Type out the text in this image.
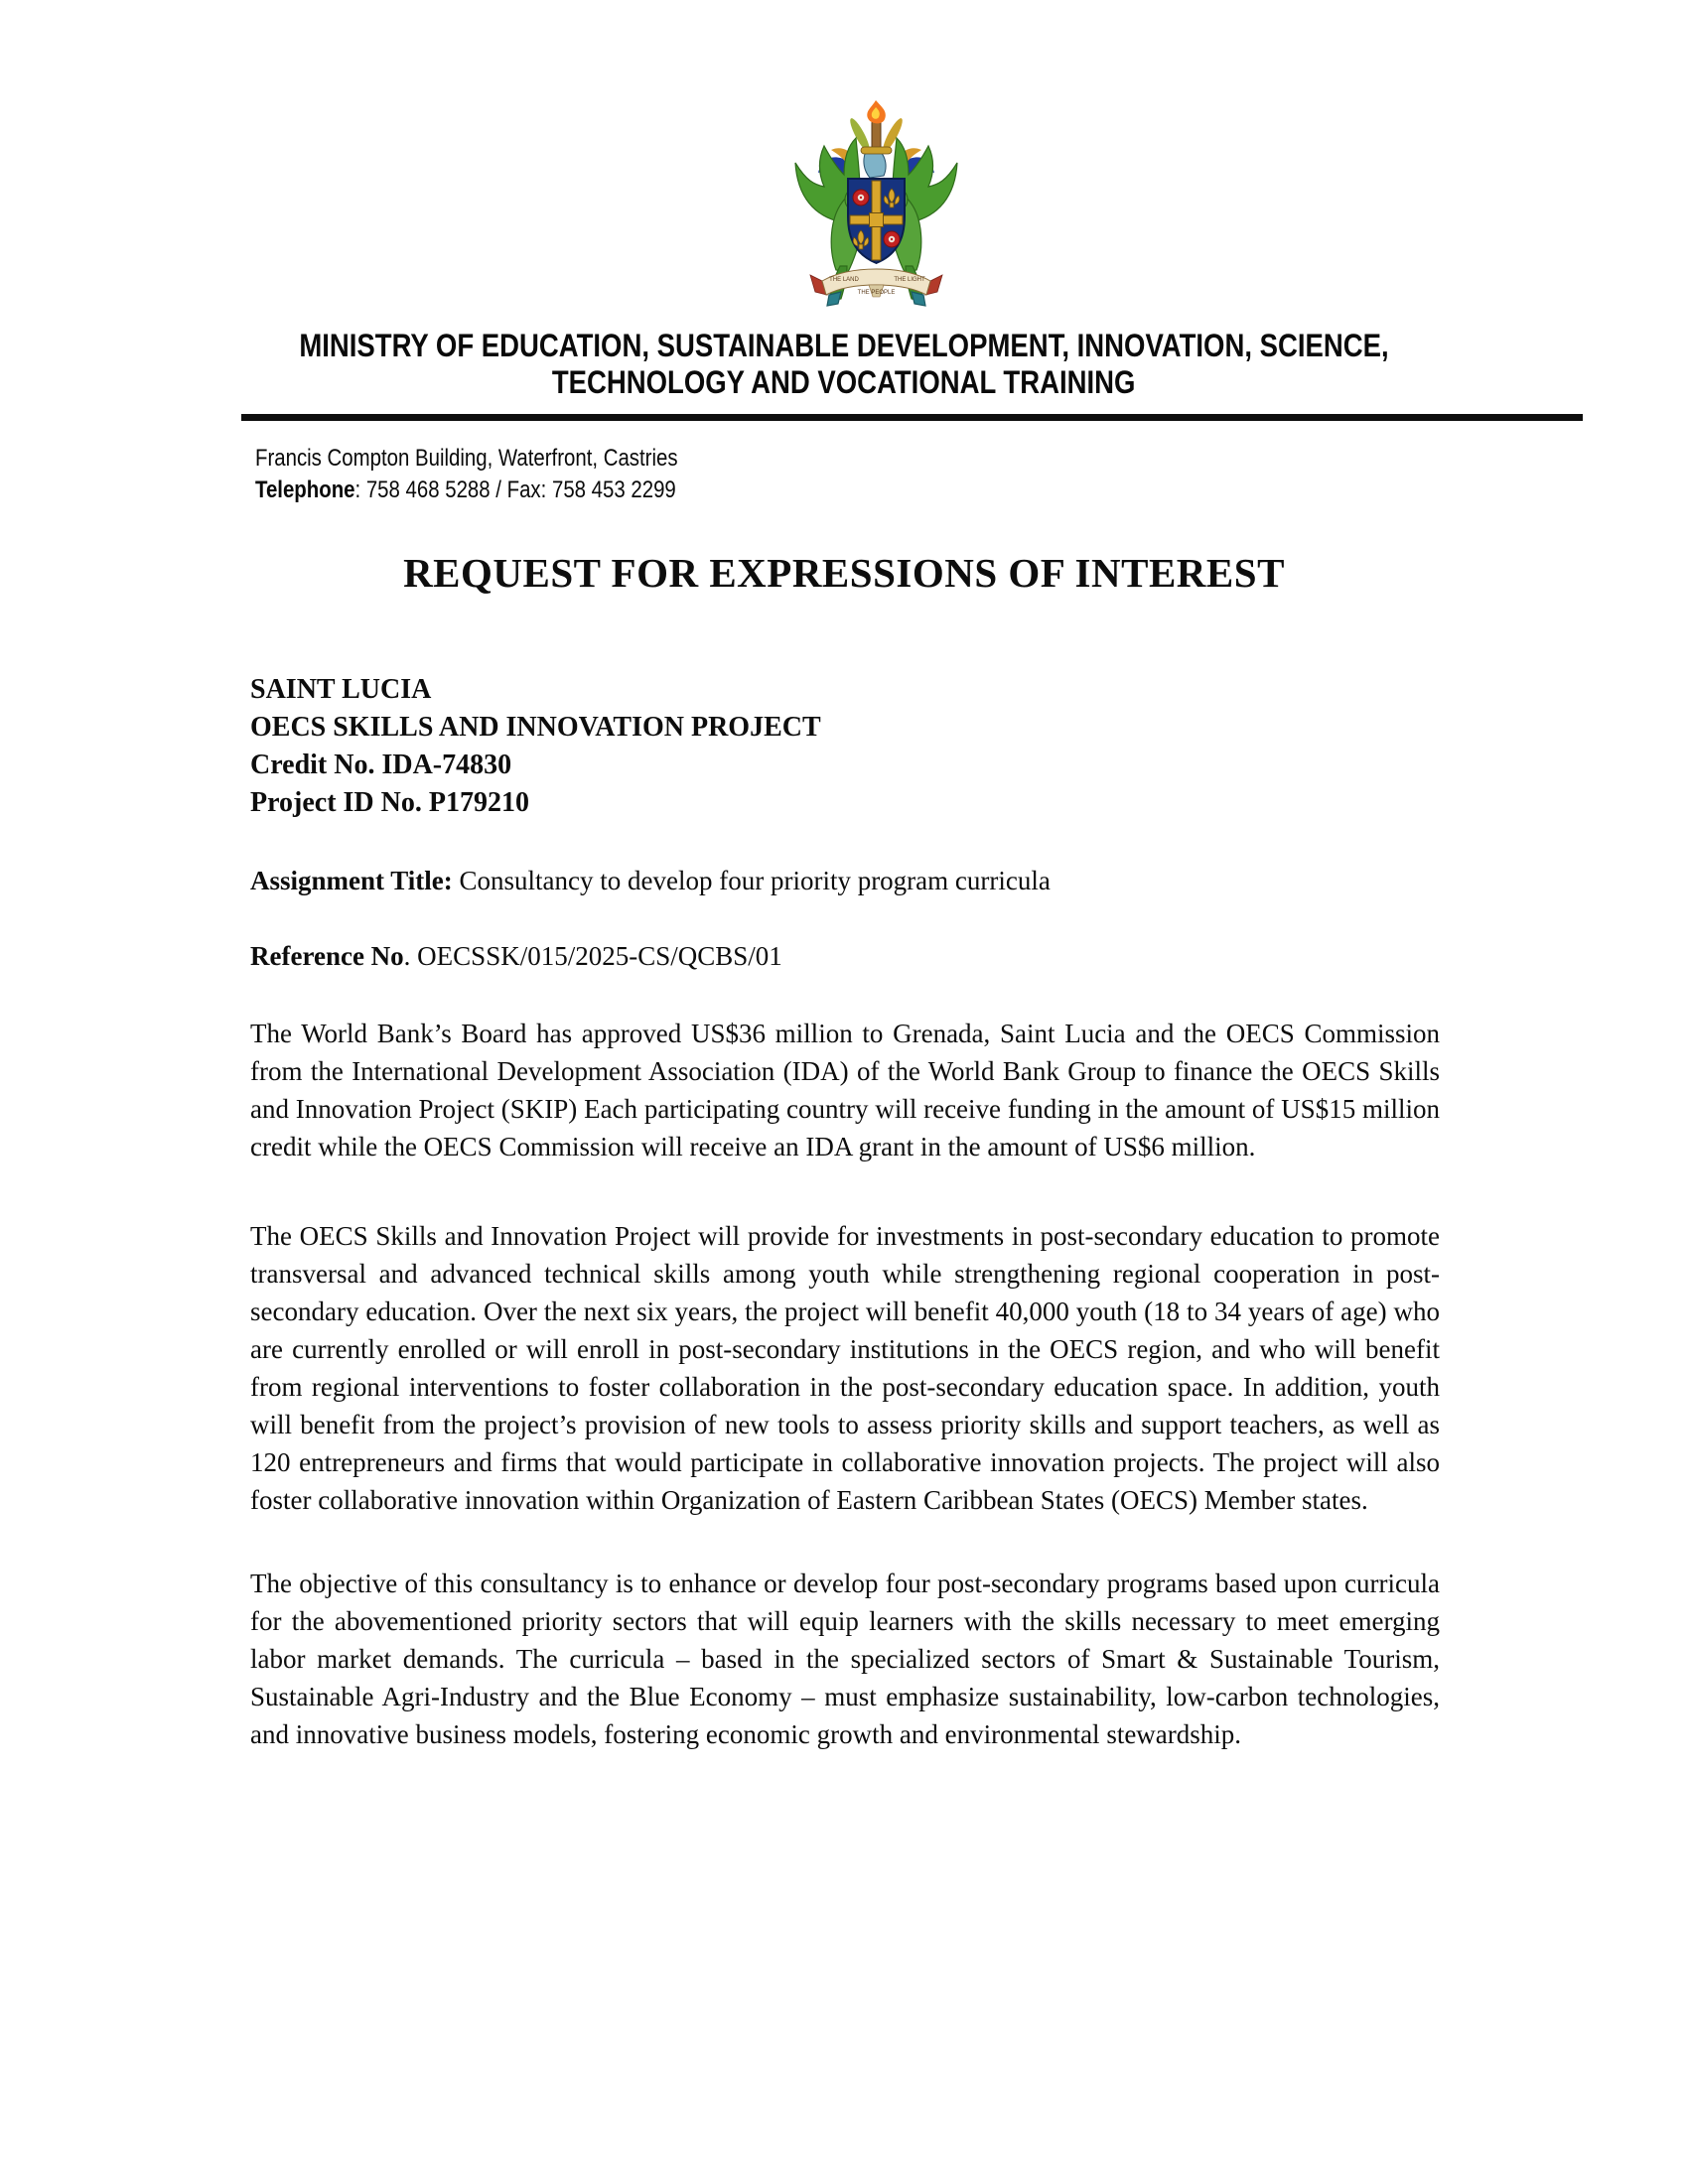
THE LAND
THE PEOPLE
THE LIGHT
MINISTRY OF EDUCATION, SUSTAINABLE DEVELOPMENT, INNOVATION, SCIENCE,
TECHNOLOGY AND VOCATIONAL TRAINING
Francis Compton Building, Waterfront, Castries
Telephone: 758 468 5288 / Fax: 758 453 2299
REQUEST FOR EXPRESSIONS OF INTEREST
SAINT LUCIA
OECS SKILLS AND INNOVATION PROJECT
Credit No. IDA-74830
Project ID No. P179210
Assignment Title: Consultancy to develop four priority program curricula
Reference No. OECSSK/015/2025-CS/QCBS/01

The World Bank’s Board has approved US$36 million to Grenada, Saint Lucia and the OECS Commission from the International Development Association (IDA) of the World Bank Group to finance the OECS Skills and Innovation Project (SKIP) Each participating country will receive funding in the amount of US$15 million credit while the OECS Commission will receive an IDA grant in the amount of US$6 million.

The OECS Skills and Innovation Project will provide for investments in post-secondary education to promote transversal and advanced technical skills among youth while strengthening regional cooperation in post-secondary education. Over the next six years, the project will benefit 40,000 youth (18 to 34 years of age) who are currently enrolled or will enroll in post-secondary institutions in the OECS region, and who will benefit from regional interventions to foster collaboration in the post-secondary education space. In addition, youth will benefit from the project’s provision of new tools to assess priority skills and support teachers, as well as 120 entrepreneurs and firms that would participate in collaborative innovation projects. The project will also foster collaborative innovation within Organization of Eastern Caribbean States (OECS) Member states.

The objective of this consultancy is to enhance or develop four post-secondary programs based upon curricula for the abovementioned priority sectors that will equip learners with the skills necessary to meet emerging labor market demands. The curricula – based in the specialized sectors of Smart & Sustainable Tourism, Sustainable Agri-Industry and the Blue Economy – must emphasize sustainability, low-carbon technologies, and innovative business models, fostering economic growth and environmental stewardship.
